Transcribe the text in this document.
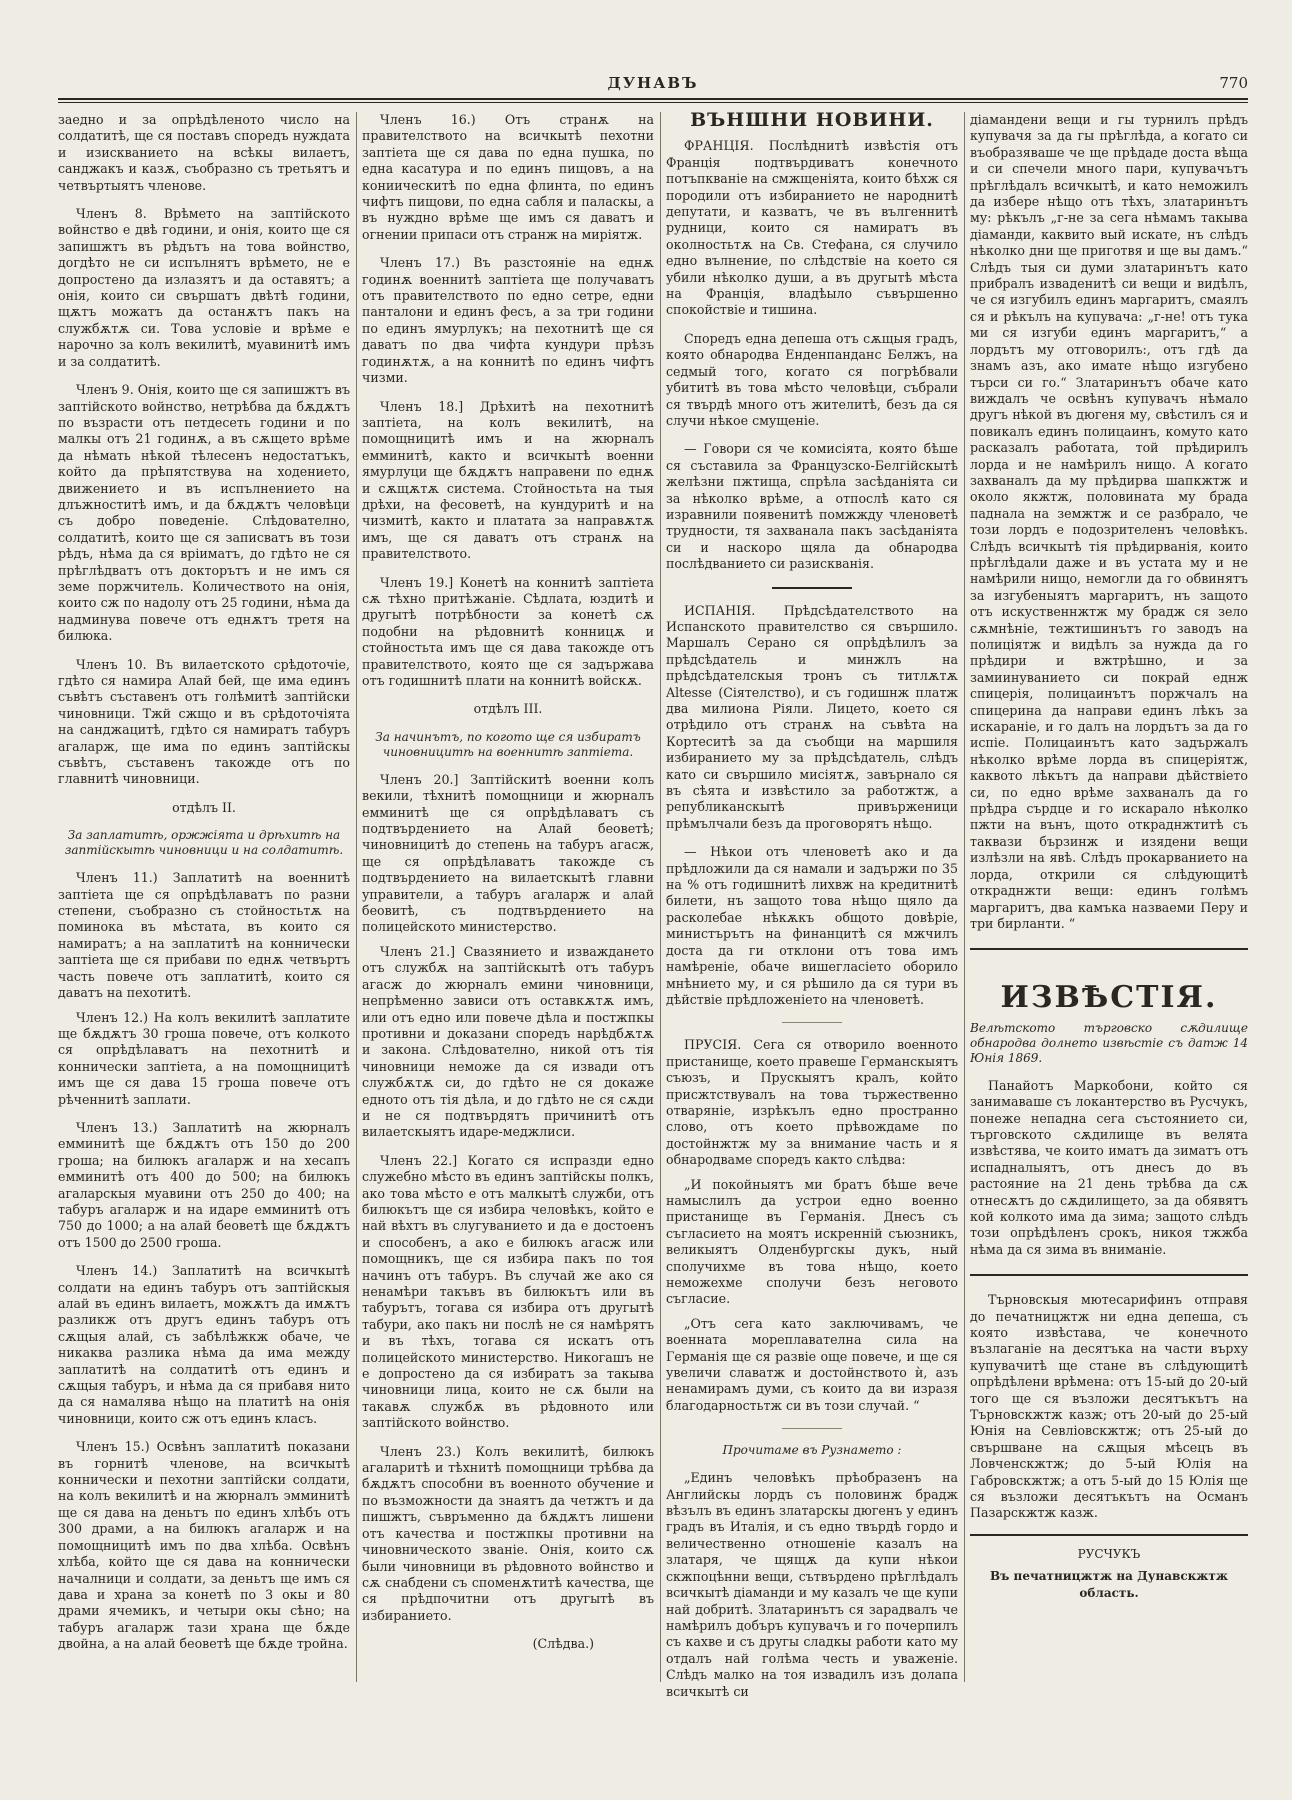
ДУНАВЪ	770

заедно и за опрѣдѣленото число на солдатитѣ, ще ся поставъ споредъ нуждата и изискванието на всѣкы вилаетъ, санджакъ и казѫ, съобразно съ третьятъ и четвъртыятъ членове.

Членъ 8. Врѣмето на заптійското войнство е двѣ години, и онія, които ще ся запишжтъ въ рѣдътъ на това войнство, догдѣто не си испълнятъ врѣмето, не е допростено да излазятъ и да оставятъ; а онія, които си свършатъ двѣтѣ години, щѫтъ можатъ да останѫтъ пакъ на службѫтѫ си. Това условіе и врѣме е нарочно за колъ векилитѣ, муавинитѣ имъ и за солдатитѣ.

Членъ 9. Онія, които ще ся запишжтъ въ заптійското войнство, нетрѣбва да бѫдѫтъ по възрасти отъ петдесеть години и по малкы отъ 21 годинѫ, а въ сѫщето врѣме да нѣмать нѣкой тѣлесенъ недостатъкъ, който да прѣпятствува на ходението, движението и въ испълнението на длъжноститѣ имъ, и да бѫдѫтъ человѣци съ добро поведеніе. Слѣдователно, солдатитѣ, които ще ся записватъ въ този рѣдъ, нѣма да ся врiиматъ, до гдѣто не ся прѣглѣдватъ отъ докторътъ и не имъ ся земе поржчитель. Количеството на онія, които сж по надолу отъ 25 години, нѣма да надминува повече отъ еднѫтъ третя на билюка.

Членъ 10. Въ вилаетското срѣдоточіе, гдѣто ся намира Алай бей, ще има единъ съвѣтъ съставенъ отъ голѣмитѣ заптійски чиновници. Тжй сжщо и въ срѣдоточiята на санджацитѣ, гдѣто ся намиратъ табуръ агаларж, ще има по единъ заптійскы съвѣтъ, съставенъ такожде отъ по главнитѣ чиновници.

отдѣлъ II.

За заплатитѣ, оржжіята и дрѣхитѣ на заптійскытѣ чиновници и на солдатитѣ.

Членъ 11.) Заплатитѣ на военнитѣ заптiета ще ся опрѣдѣлаватъ по разни степени, съобразно съ стойностьтѫ на поминока въ мѣстата, въ които ся намиратъ; а на заплатитѣ на коннически заптiета ще ся прибави по еднѫ четвъртъ часть повече отъ заплатитѣ, които ся даватъ на пехотитѣ.

Членъ 12.) На колъ векилитѣ заплатите ще бѫдѫтъ 30 гроша повече, отъ колкото ся опрѣдѣлаватъ на пехотнитѣ и коннически заптiета, а на помощницитѣ имъ ще ся дава 15 гроша повече отъ рѣченнитѣ заплати.

Членъ 13.) Заплатитѣ на жюрналъ емминитѣ ще бѫдѫтъ отъ 150 до 200 гроша; на билюкъ агаларж и на хесапъ емминитѣ отъ 400 до 500; на билюкъ агаларскыя муавини отъ 250 до 400; на табуръ агаларж и на идаре емминитѣ отъ 750 до 1000; а на алай беоветѣ ще бѫдѫтъ отъ 1500 до 2500 гроша.

Членъ 14.) Заплатитѣ на всичкытѣ солдати на единъ табуръ отъ заптійскыя алай въ единъ вилаетъ, можѫтъ да имѫтъ разликж отъ другъ единъ табуръ отъ сѫщыя алай, съ забѣлѣжкж обаче, че никаква разлика нѣма да има между заплатитѣ на солдатитѣ отъ единъ и сѫщыя табуръ, и нѣма да ся прибавя нито да ся намалява нѣщо на платитѣ на онія чиновници, които сж отъ единъ класъ.

Членъ 15.) Освѣнъ заплатитѣ показани въ горнитѣ членове, на всичкытѣ коннически и пехотни заптійски солдати, на колъ векилитѣ и на жюрналъ эмминитѣ ще ся дава на деньтъ по единъ хлѣбъ отъ 300 драми, а на билюкъ агаларж и на помощницитѣ имъ по два хлѣба. Освѣнъ хлѣба, който ще ся дава на коннически началници и солдати, за деньтъ ще имъ ся дава и храна за конетѣ по 3 окы и 80 драми ячемикъ, и четыри окы сѣно; на табуръ агаларж тази храна ще бѫде двойна, а на алай беоветѣ ще бѫде тройна.

Членъ 16.) Отъ странѫ на правителството на всичкытѣ пехотни заптiета ще ся дава по една пушка, по една касатура и по единъ пищовъ, а на кониическитѣ по една флинта, по единъ чифтъ пищови, по една сабля и паласкы, а въ нуждно врѣме ще имъ ся даватъ и огнении припаси отъ странж на миріятж.

Членъ 17.) Въ разстоянiе на еднѫ годинѫ военнитѣ заптiета ще получаватъ отъ правителството по едно сетре, едни панталони и единъ фесъ, а за три години по единъ ямурлукъ; на пехотнитѣ ще ся даватъ по два чифта кундури прѣзъ годинѫтѫ, а на коннитѣ по единъ чифтъ чизми.

Членъ 18.] Дрѣхитѣ на пехотнитѣ заптiета, на колъ векилитѣ, на помощницитѣ имъ и на жюрналъ емминитѣ, както и всичкытѣ военни ямурлуци ще бѫдѫтъ направени по еднѫ и сѫщѫтѫ система. Стойностьта на тыя дрѣхи, на фесоветѣ, на кундуритѣ и на чизмитѣ, както и платата за направѫтѫ имъ, ще ся даватъ отъ странѫ на правителството.

Членъ 19.] Конетѣ на коннитѣ заптiета сѫ тѣхно притѣжаніе. Сѣдлата, юздитѣ и другытѣ потрѣбности за конетѣ сѫ подобни на рѣдовнитѣ конницѫ и стойностьта имъ ще ся дава такожде отъ правителството, която ще ся задържава отъ годишнитѣ плати на коннитѣ войскѫ.

отдѣлъ III.

За начинътъ, по когото ще ся избиратъ чиновницитѣ на военнитѣ заптiета.

Членъ 20.] Заптійскитѣ военни колъ векили, тѣхнитѣ помощници и жюрналъ емминитѣ ще ся опрѣдѣлаватъ съ подтвърдението на Алай беоветѣ; чиновницитѣ до степень на табуръ агасж, ще ся опрѣдѣлаватъ такожде съ подтвърдението на вилаетскытѣ главни управители, а табуръ агаларж и алай беовитѣ, съ подтвърдението на полицейското министерство.

Членъ 21.] Свазянието и изваждането отъ службѫ на заптійскытѣ отъ табуръ агасж до жюрналъ емини чиновници, непрѣменно зависи отъ оставкѫтѫ имъ, или отъ едно или повече дѣла и постжпкы противни и доказани споредъ нарѣдбѫтѫ и закона. Слѣдователно, никой отъ тія чиновници неможе да ся извади отъ службѫтѫ си, до гдѣто не ся докаже едното отъ тія дѣла, и до гдѣто не ся сѫди и не ся подтвърдятъ причинитѣ отъ вилаетскыятъ идаре-меджлиси.

Членъ 22.] Когато ся испразди едно служебно мѣсто въ единъ заптійскы полкъ, ако това мѣсто е отъ малкытѣ служби, отъ билюкътъ ще ся избира человѣкъ, който е най вѣхтъ въ слугуванието и да е достоенъ и способенъ, а ако е билюкъ агасж или помощникъ, ще ся избира пакъ по тоя начинъ отъ табуръ. Въ случай же ако ся ненамѣри такъвъ въ билюкътъ или въ табурътъ, тогава ся избира отъ другытѣ табури, ако пакъ ни послѣ не ся намѣрятъ и въ тѣхъ, тогава ся искатъ отъ полицейското министерство. Никогашъ не е допростено да ся избиратъ за такыва чиновници лица, които не сѫ были на такавѫ службѫ въ рѣдовното или заптійското войнство.

Членъ 23.) Колъ векилитѣ, билюкъ агаларитѣ и тѣхнитѣ помощници трѣбва да бѫдѫтъ способни въ военното обучение и по възможности да знаятъ да четжтъ и да пишжтъ, съвръменно да бѫдѫтъ лишени отъ качества и постжпкы противни на чиновническото званіе. Онія, които сѫ были чиновници въ рѣдовното войнство и сѫ снабдени съ споменѫтитѣ качества, ще ся прѣдпочитни отъ другытѣ въ избиранието.

(Слѣдва.)

ВЪНШНИ НОВИНИ.

ФРАНЦІЯ. Послѣднитѣ извѣстія отъ Франція подтвърдиватъ конечното потъпкваніе на смжщеніята, които бѣхж ся породили отъ избиранието не народнитѣ депутати, и казватъ, че въ вългеннитѣ рудници, които ся намиратъ въ околностьтѫ на Св. Стефана, ся случило едно вълнение, по слѣдствіе на което ся убили нѣколко души, а въ другытѣ мѣста на Франція, владѣыло съвършенно спокойствіе и тишина.

Споредъ една депеша отъ сѫщыя градъ, която обнародва Енденпанданс Белжъ, на седмый того, когато ся погрѣбвали убититѣ въ това мѣсто человѣци, събрали ся твърдѣ много отъ жителитѣ, безъ да ся случи нѣкое смущеніе.

— Говори ся че комисiята, която бѣше ся съставила за Французско-Белгійскытѣ желѣзни пжтища, спрѣла засѣданіята си за нѣколко врѣме, а отпослѣ като ся изравнили появенитѣ помжжду членоветѣ трудности, тя захванала пакъ засѣданіята си и наскоро щяла да обнародва послѣдвaнието си разискванія.

ИСПАНІЯ. Прѣдсѣдателството на Испанското правителство ся свършило. Маршалъ Серано ся опрѣдѣлилъ за прѣдсѣдатель и минжлъ на прѣдсѣдателскыя тронъ съ титлѫтѫ Altesse (Сіятелство), и съ годишнж платж два милиона Ріяли. Лицето, което ся отрѣдило отъ странѫ на съвѣта на Кортеситѣ за да съобщи на маршиля избиранието му за прѣдсѣдатель, слѣдъ като си свършило мисiятѫ, завърнало ся въ сѣята и извѣстило за работжтж, а републиканскытѣ привърженици прѣмълчали безъ да проговорятъ нѣщо.

— Нѣкои отъ членоветѣ ако и да прѣдложили да ся намали и задържи по 35 на % отъ годишнитѣ лихвж на кредитнитѣ билети, нъ защото това нѣщо щяло да расколебае нѣкѫкъ общото довѣріе, министърътъ на финанцитѣ ся мжчилъ доста да ги отклони отъ това имъ намѣреніе, обаче вишегласіето оборило мнѣнието му, и ся рѣшило да ся тури въ дѣйствіе прѣдложеніето на членоветѣ.

ПРУСІЯ. Сега ся отворило военното пристанище, което правеше Германскыятъ съюзъ, и Прускыятъ кралъ, който присжтствувалъ на това тържественно отваряніе, изрѣкълъ едно пространно слово, отъ което прѣвождаме по достойнжтж му за внимание часть и я обнародваме споредъ както слѣдва:

„И покойныятъ ми братъ бѣше вече намыслилъ да устрои едно военно пристанище въ Германія. Днесъ съ съгласието на моятъ искренній съюзникъ, великыятъ Олденбургскы дукъ, ный сполучихме въ това нѣщо, което неможехме сполучи безъ неговото съгласие.

„Отъ сега като заключивамъ, че военната мореплавателна сила на Германія ще ся развіе още повече, и ще ся увеличи славатж и достойнството ѝ, азъ ненамирамъ думи, съ които да ви изразя благодарностьтж си въ този случай. “

Прочитаме въ Рузнамето :

„Единъ человѣкъ прѣобразенъ на Английскы лордъ съ половинж брадж вѣзълъ въ единъ златарскы дюгенъ у единъ градъ въ Италія, и съ едно твърдѣ гордо и величественно отношеніе казалъ на златаря, че щящѫ да купи нѣкои скжпоцѣнни вещи, сътвърдено прѣглѣдалъ всичкытѣ діаманди и му казалъ че ще купи най добритѣ. Златаринътъ ся зарадвалъ че намѣрилъ добъръ купувачъ и го почерпилъ съ кахве и съ другы сладкы работи като му отдалъ най голѣма честь и уваженіе. Слѣдъ малко на тоя извадилъ изъ долапа всичкытѣ си

діамандени вещи и гы турнилъ прѣдъ купувачя за да гы прѣглѣда, а когато си въобразяваше че ще прѣдаде доста вѣща и си спечели много пари, купувачътъ прѣглѣдалъ всичкытѣ, и като неможилъ да избере нѣщо отъ тѣхъ, златаринътъ му: рѣкълъ „г-не за сега нѣмамъ такыва діаманди, каквито вый искате, нъ слѣдъ нѣколко дни ще приготвя и ще вы дамъ.“ Слѣдъ тыя си думи златаринътъ като прибралъ изваденитѣ си вещи и видѣлъ, че ся изгубилъ единъ маргаритъ, смаялъ ся и рѣкълъ на купувача: „г-не! отъ тука ми ся изгуби единъ маргаритъ,“ а лордътъ му отговорилъ:, отъ гдѣ да знамъ азъ, ако имате нѣщо изгубено търси си го.“ Златаринътъ обаче като виждалъ че освѣнъ купувачъ нѣмало другъ нѣкой въ дюгеня му, свѣстилъ ся и повикалъ единъ полицаинъ, комуто като расказалъ работата, той прѣдирилъ лорда и не намѣрилъ нищо. А когато захваналъ да му прѣдирва шапкжтж и около якжтж, половината му брада паднала на земжтж и се разбрало, че този лордъ е подозрителенъ человѣкъ. Слѣдъ всичкытѣ тія прѣдирванія, които прѣглѣдали даже и въ устата му и не намѣрили нищо, немогли да го обвинятъ за изгубеныятъ маргаритъ, нъ защото отъ искуственнжтж му брадж ся зело сѫмнѣніе, тежтишинътъ го заводъ на полицiятж и видѣлъ за нужда да го прѣдири и вжтрѣшно, и за замиинуванието си покрай еднж спицерія, полицаинътъ поржчалъ на спицерина да направи единъ лѣкъ за искараніе, и го далъ на лордътъ за да го испіе. Полицаинътъ като задържалъ нѣколко врѣме лорда въ спицеріятж, каквото лѣкътъ да направи дѣйствіето си, по едно врѣме захваналъ да го прѣдра сърдце и го искарало нѣколко пжти на вънъ, щото откраднжтитѣ съ таквази бързинж и изядени вещи излѣзли на явѣ. Слѣдъ прокарванието на лорда, открили ся слѣдующитѣ откраднжти вещи: единъ голѣмъ маргаритъ, два камъка назваеми Перу и три бирланти. “

ИЗВѢСТІЯ.

Велѣтското търговско сѫдилище обнародва долнето извѣстіе съ датж 14 Юнія 1869.

Панайотъ Маркобони, който ся занимаваше съ локантерство въ Русчукъ, понеже непадна сега състоянието си, търговското сѫдилище въ велята извѣстява, че които иматъ да зиматъ отъ испадналыятъ, отъ днесъ до въ растояние на 21 день трѣбва да сѫ отнесѫтъ до сѫдилището, за да обявятъ кой колкото има да зима; защото слѣдъ този опрѣдѣленъ срокъ, никоя тжжба нѣма да ся зима въ вниманіе.

Търновскыя мютесарифинъ отправя до печатницжтж ни една депеша, съ която извѣстава, че конечното възлаганіе на десятъка на части върху купувачитѣ ще стане въ слѣдующитѣ опрѣдѣлени врѣмена: отъ 15-ый до 20-ый того ще ся възложи десятъкътъ на Търновскжтж казж; отъ 20-ый до 25-ый Юнія на Севліовскжтж; отъ 25-ый до свършване на сѫщыя мѣсецъ въ Ловченскжтж; до 5-ый Юлія на Габровскжтж; а отъ 5-ый до 15 Юлія ще ся възложи десятъкътъ на Османъ Пазарскжтж казж.

РУСЧУКЪ
Въ печатницжтж на Дунавскжтж область.
